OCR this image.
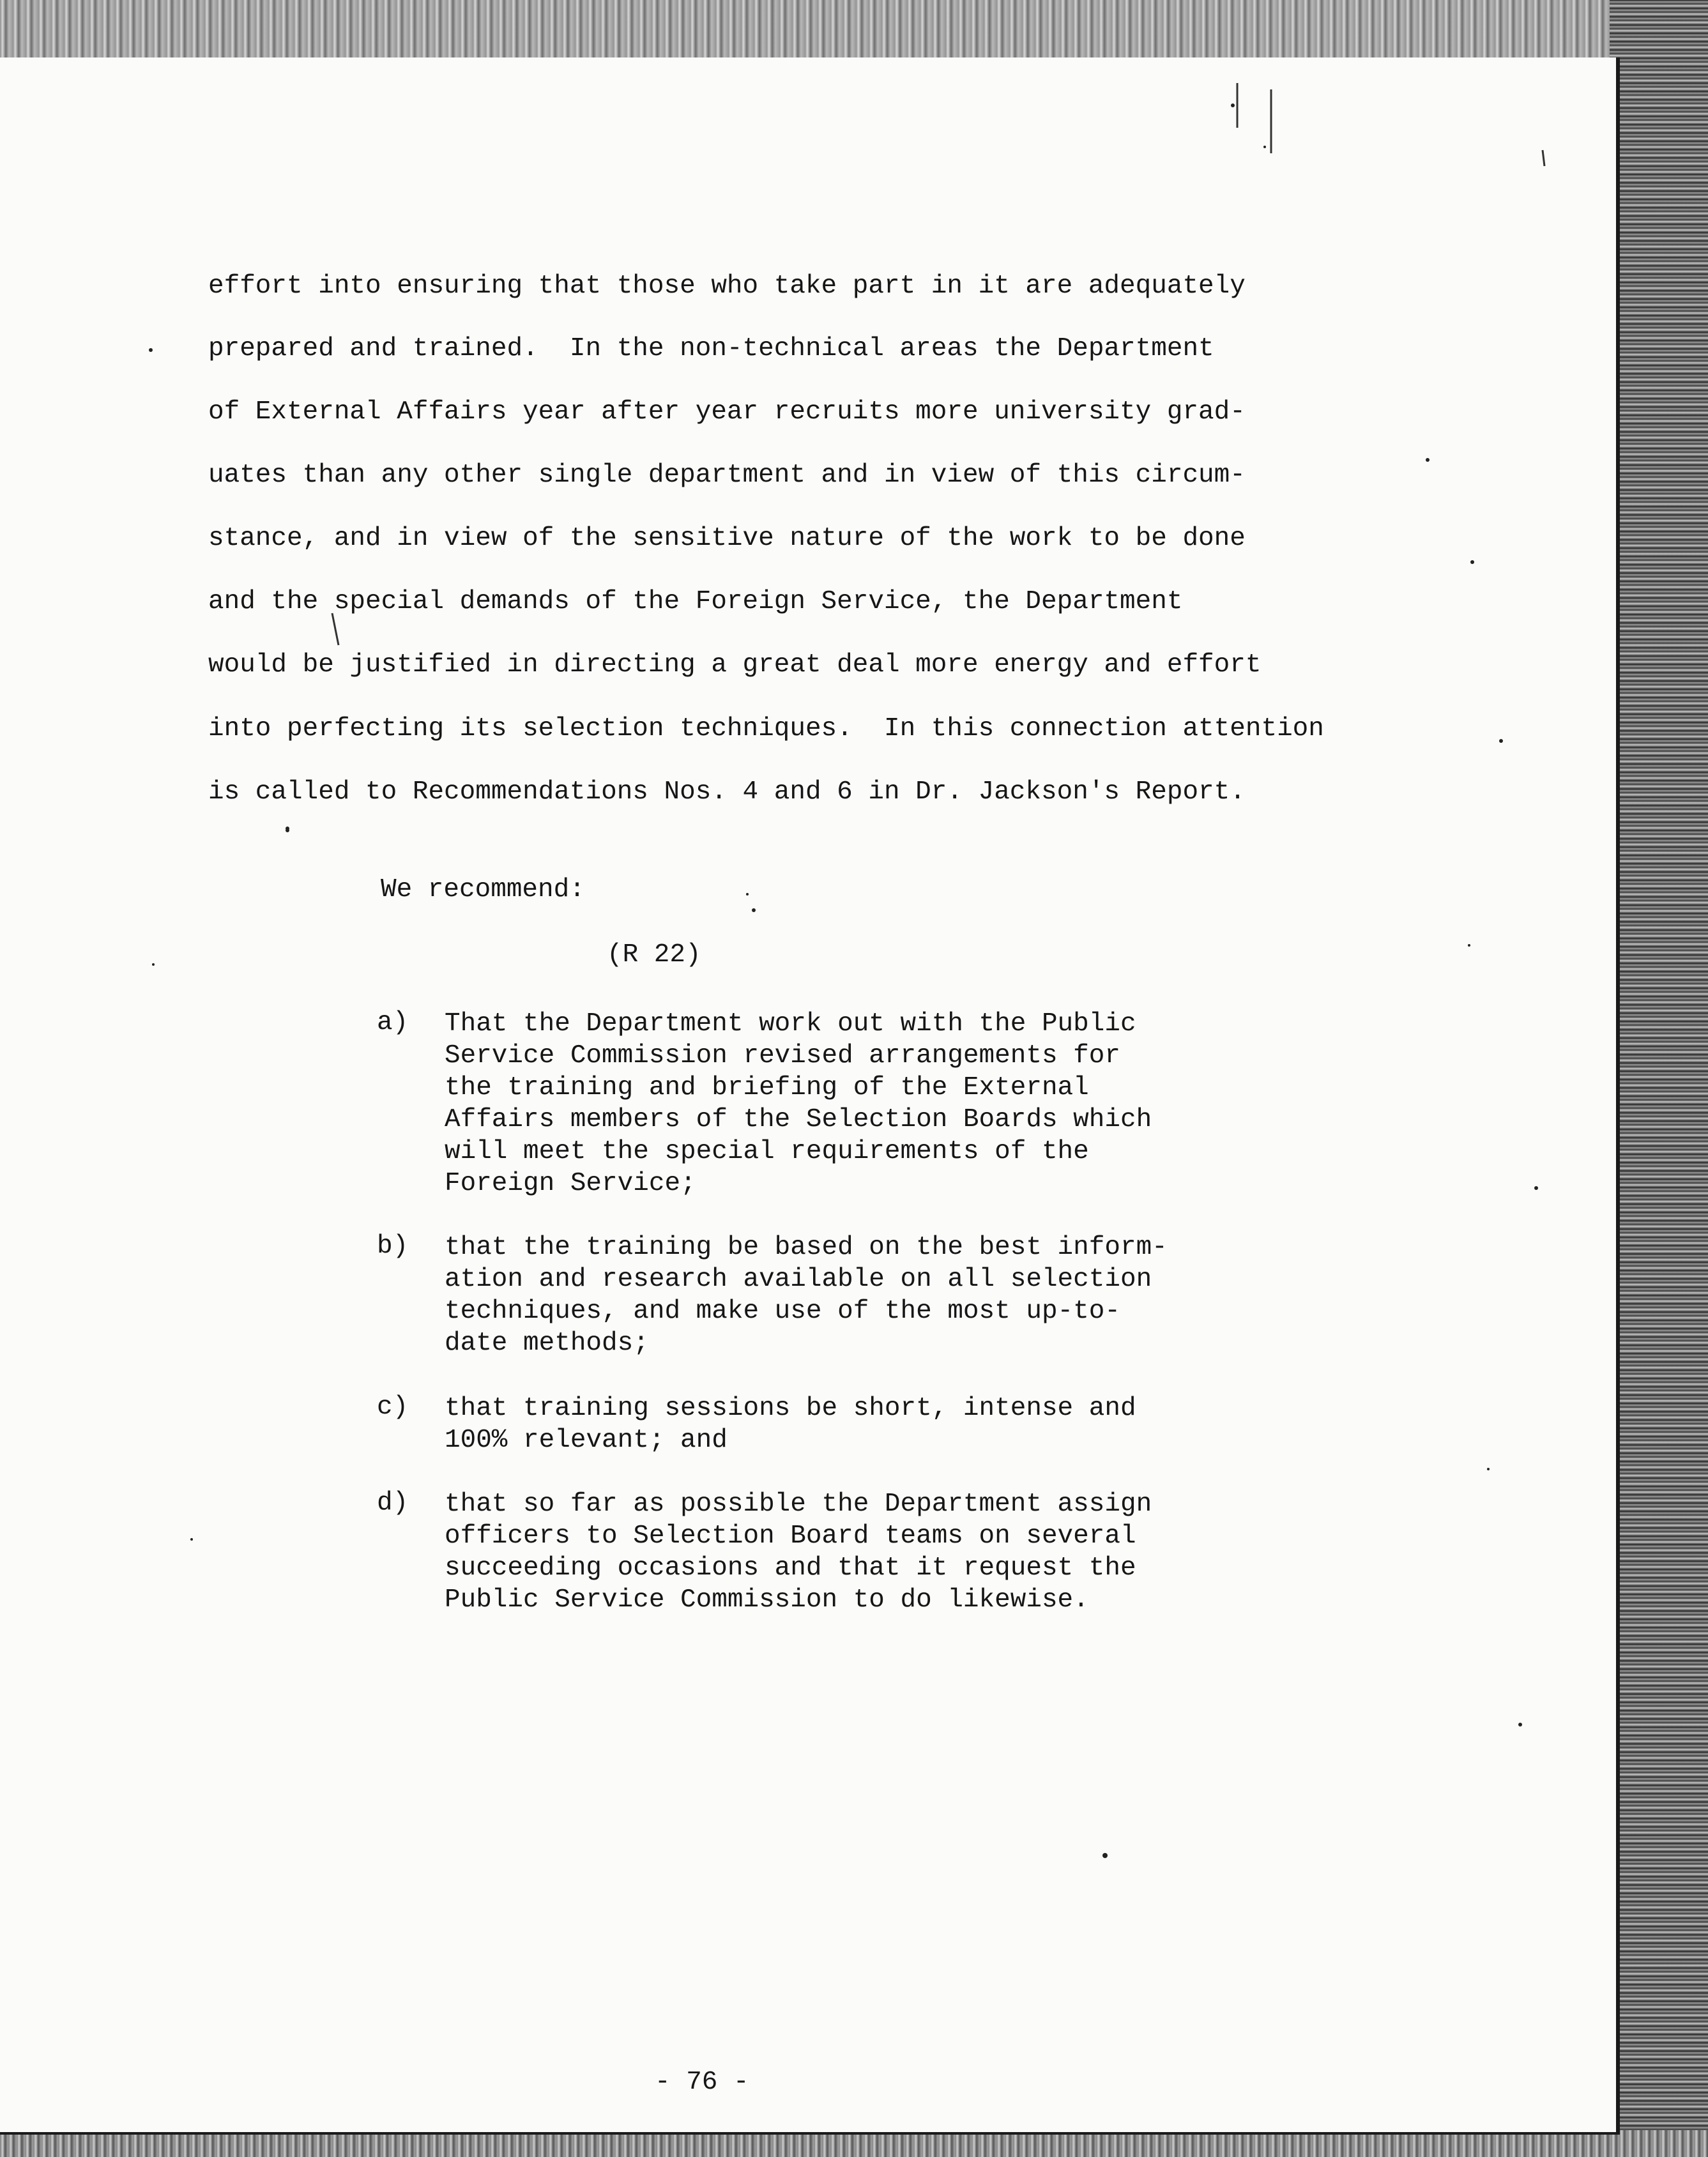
effort into ensuring that those who take part in it are adequately

prepared and trained.  In the non-technical areas the Department

of External Affairs year after year recruits more university grad-

uates than any other single department and in view of this circum-

stance, and in view of the sensitive nature of the work to be done

and the special demands of the Foreign Service, the Department

would be justified in directing a great deal more energy and effort

into perfecting its selection techniques.  In this connection attention

is called to Recommendations Nos. 4 and 6 in Dr. Jackson's Report.

We recommend:

(R 22)

a) That the Department work out with the Public
Service Commission revised arrangements for
the training and briefing of the External
Affairs members of the Selection Boards which
will meet the special requirements of the
Foreign Service;

b) that the training be based on the best inform-
ation and research available on all selection
techniques, and make use of the most up-to-
date methods;

c) that training sessions be short, intense and
100% relevant; and

d) that so far as possible the Department assign
officers to Selection Board teams on several
succeeding occasions and that it request the
Public Service Commission to do likewise.

- 76 -
